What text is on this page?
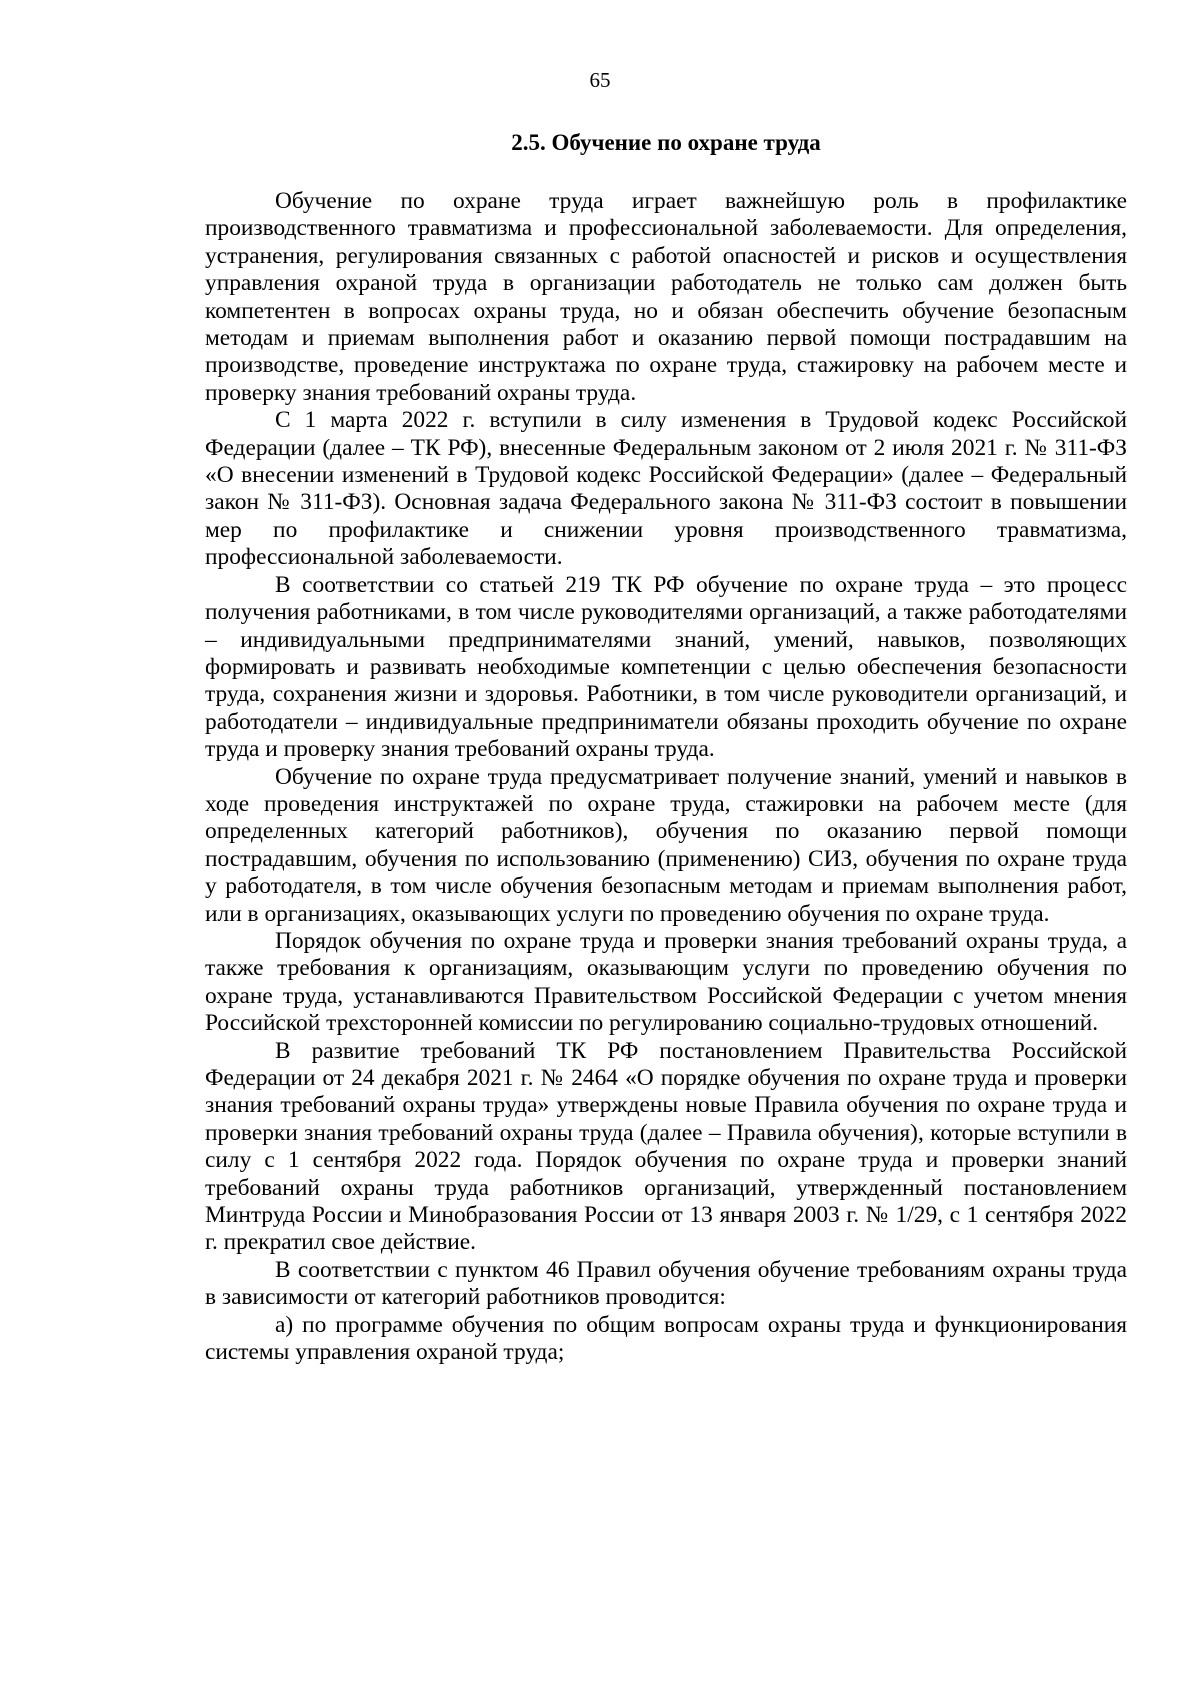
65
2.5. Обучение по охране труда

Обучение по охране труда играет важнейшую роль в профилактике производственного травматизма и профессиональной заболеваемости. Для определения, устранения, регулирования связанных с работой опасностей и рисков и осуществления управления охраной труда в организации работодатель не только сам должен быть компетентен в вопросах охраны труда, но и обязан обеспечить обучение безопасным методам и приемам выполнения работ и оказанию первой помощи пострадавшим на производстве, проведение инструктажа по охране труда, стажировку на рабочем месте и проверку знания требований охраны труда.

С 1 марта 2022 г. вступили в силу изменения в Трудовой кодекс Российской Федерации (далее – ТК РФ), внесенные Федеральным законом от 2 июля 2021 г. № 311-ФЗ «О внесении изменений в Трудовой кодекс Российской Федерации» (далее – Федеральный закон № 311-ФЗ). Основная задача Федерального закона № 311-ФЗ состоит в повышении мер по профилактике и снижении уровня производственного травматизма, профессиональной заболеваемости.

В соответствии со статьей 219 ТК РФ обучение по охране труда – это процесс получения работниками, в том числе руководителями организаций, а также работодателями – индивидуальными предпринимателями знаний, умений, навыков, позволяющих формировать и развивать необходимые компетенции с целью обеспечения безопасности труда, сохранения жизни и здоровья. Работники, в том числе руководители организаций, и работодатели – индивидуальные предприниматели обязаны проходить обучение по охране труда и проверку знания требований охраны труда.

Обучение по охране труда предусматривает получение знаний, умений и навыков в ходе проведения инструктажей по охране труда, стажировки на рабочем месте (для определенных категорий работников), обучения по оказанию первой помощи пострадавшим, обучения по использованию (применению) СИЗ, обучения по охране труда у работодателя, в том числе обучения безопасным методам и приемам выполнения работ, или в организациях, оказывающих услуги по проведению обучения по охране труда.

Порядок обучения по охране труда и проверки знания требований охраны труда, а также требования к организациям, оказывающим услуги по проведению обучения по охране труда, устанавливаются Правительством Российской Федерации с учетом мнения Российской трехсторонней комиссии по регулированию социально-трудовых отношений.

В развитие требований ТК РФ постановлением Правительства Российской Федерации от 24 декабря 2021 г. № 2464 «О порядке обучения по охране труда и проверки знания требований охраны труда» утверждены новые Правила обучения по охране труда и проверки знания требований охраны труда (далее – Правила обучения), которые вступили в силу с 1 сентября 2022 года. Порядок обучения по охране труда и проверки знаний требований охраны труда работников организаций, утвержденный постановлением Минтруда России и Минобразования России от 13 января 2003 г. № 1/29, с 1 сентября 2022 г. прекратил свое действие.

В соответствии с пунктом 46 Правил обучения обучение требованиям охраны труда в зависимости от категорий работников проводится:

а) по программе обучения по общим вопросам охраны труда и функционирования системы управления охраной труда;
